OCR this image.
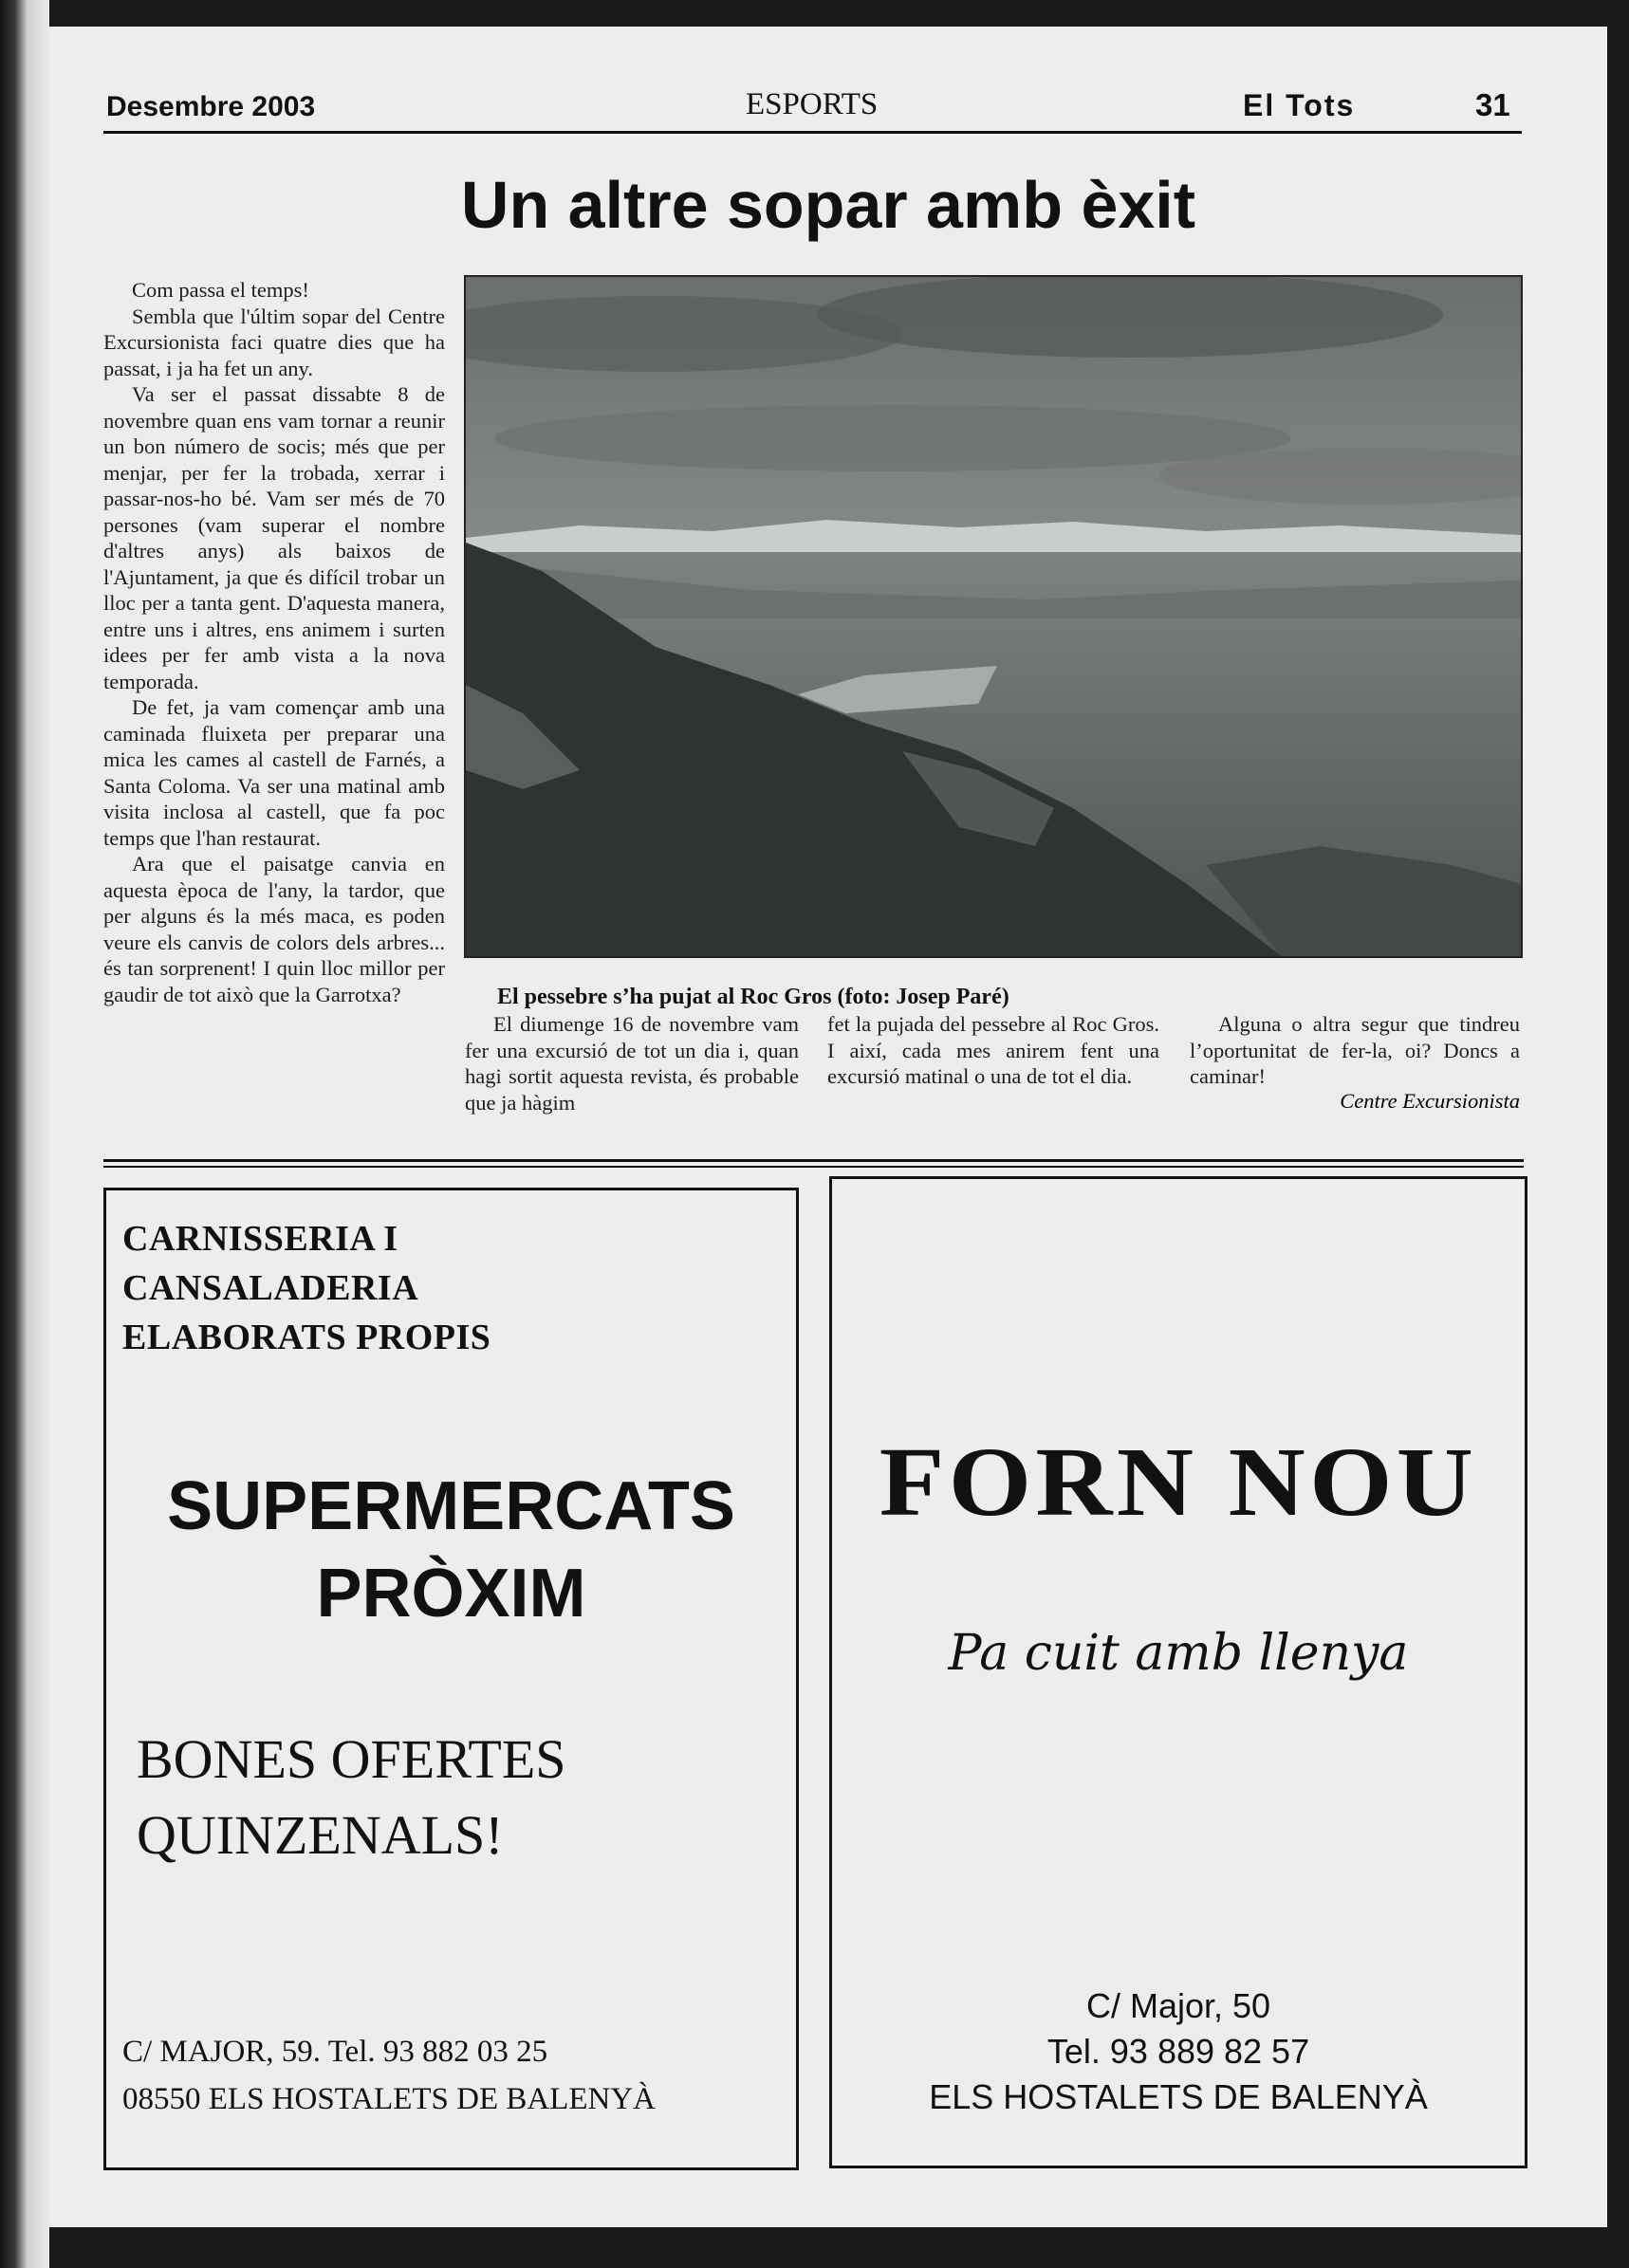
Desembre 2003	ESPORTS	El Tots	31
Un altre sopar amb èxit

Com passa el temps!

Sembla que l'últim sopar del Centre Excursionista faci quatre dies que ha passat, i ja ha fet un any.

Va ser el passat dissabte 8 de novembre quan ens vam tornar a reunir un bon número de socis; més que per menjar, per fer la trobada, xerrar i passar-nos-ho bé. Vam ser més de 70 persones (vam superar el nombre d'altres anys) als baixos de l'Ajuntament, ja que és difícil trobar un lloc per a tanta gent. D'aquesta manera, entre uns i altres, ens animem i surten idees per fer amb vista a la nova temporada.

De fet, ja vam començar amb una caminada fluixeta per preparar una mica les cames al castell de Farnés, a Santa Coloma. Va ser una matinal amb visita inclosa al castell, que fa poc temps que l'han restaurat.

Ara que el paisatge canvia en aquesta època de l'any, la tardor, que per alguns és la més maca, es poden veure els canvis de colors dels arbres... és tan sorprenent! I quin lloc millor per gaudir de tot això que la Garrotxa?	El pessebre s’ha pujat al Roc Gros (foto: Josep Paré)
El diumenge 16 de novembre vam fer una excursió de tot un dia i, quan hagi sortit aquesta revista, és probable que ja hàgim
fet la pujada del pessebre al Roc Gros. I així, cada mes anirem fent una excursió matinal o una de tot el dia.
Alguna o altra segur que tindreu l’oportunitat de fer-la, oi? Doncs a caminar!
Centre Excursionista
CARNISSERIA I
CANSALADERIA
ELABORATS PROPIS
SUPERMERCATS
PRÒXIM
BONES OFERTES
QUINZENALS!
C/ MAJOR, 59. Tel. 93 882 03 25
08550 ELS HOSTALETS DE BALENYÀ
FORN NOU
Pa cuit amb llenya
C/ Major, 50
Tel. 93 889 82 57
ELS HOSTALETS DE BALENYÀ
